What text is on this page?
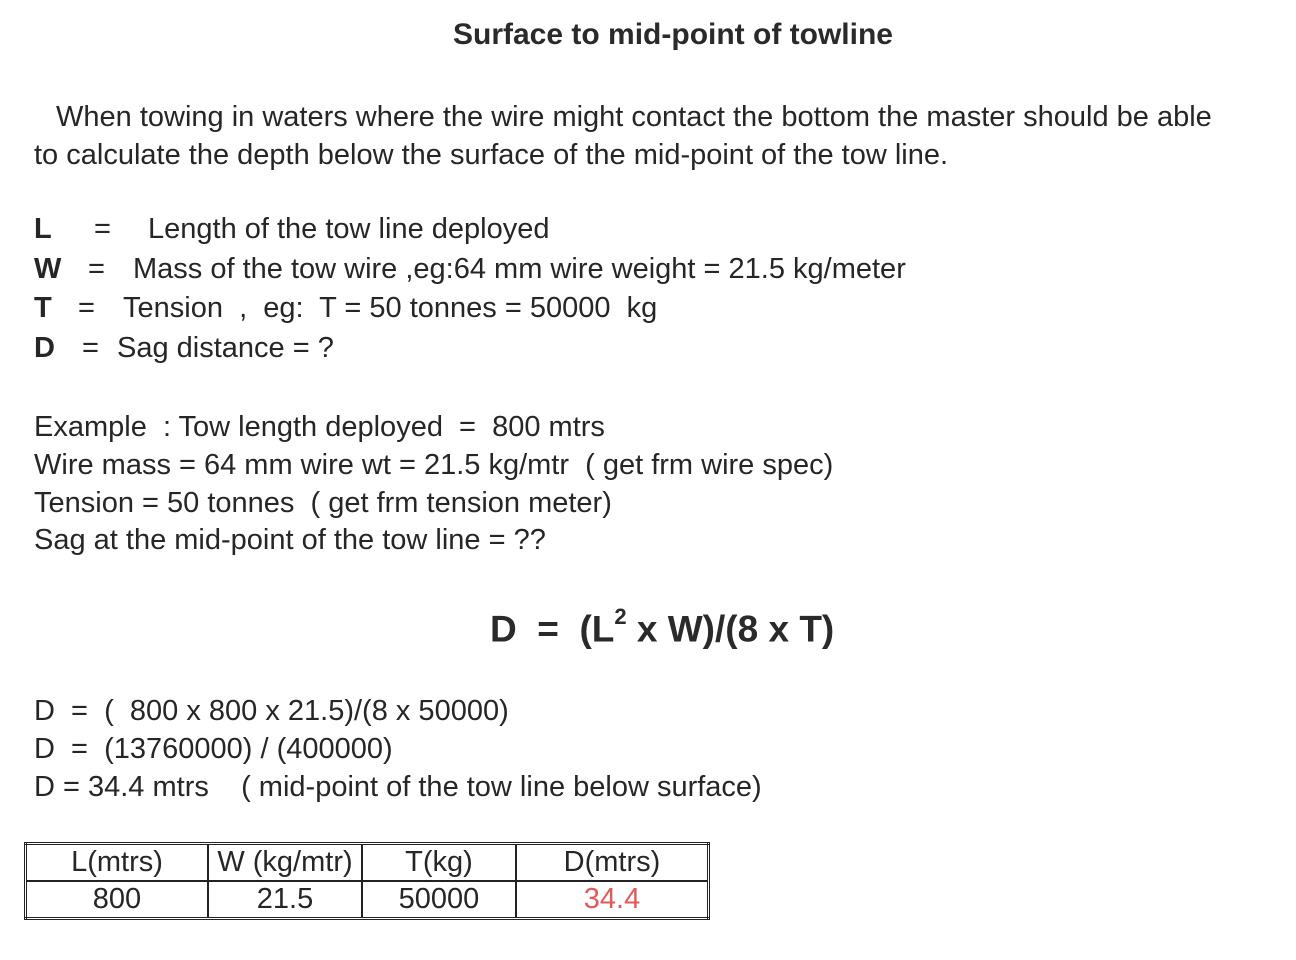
Surface to mid-point of towline
When towing in waters where the wire might contact the bottom the master should be able
to calculate the depth below the surface of the mid-point of the tow line.
L = Length of the tow line deployed
W = Mass of the tow wire ,eg:64 mm wire weight = 21.5 kg/meter
T = Tension  ,  eg:  T = 50 tonnes = 50000  kg
D = Sag distance = ?
Example  : Tow length deployed  =  800 mtrs
Wire mass = 64 mm wire wt = 21.5 kg/mtr  ( get frm wire spec)
Tension = 50 tonnes  ( get frm tension meter)
Sag at the mid-point of the tow line = ??
$D = (L^2$ x W)/(8 x T)
D  =  (  800 x 800 x 21.5)/(8 x 50000)
D  =  (13760000) / (400000)
D = 34.4 mtrs    ( mid-point of the tow line below surface)
L(mtrs)	W (kg/mtr)	T(kg)	D(mtrs)
800	21.5	50000	34.4
